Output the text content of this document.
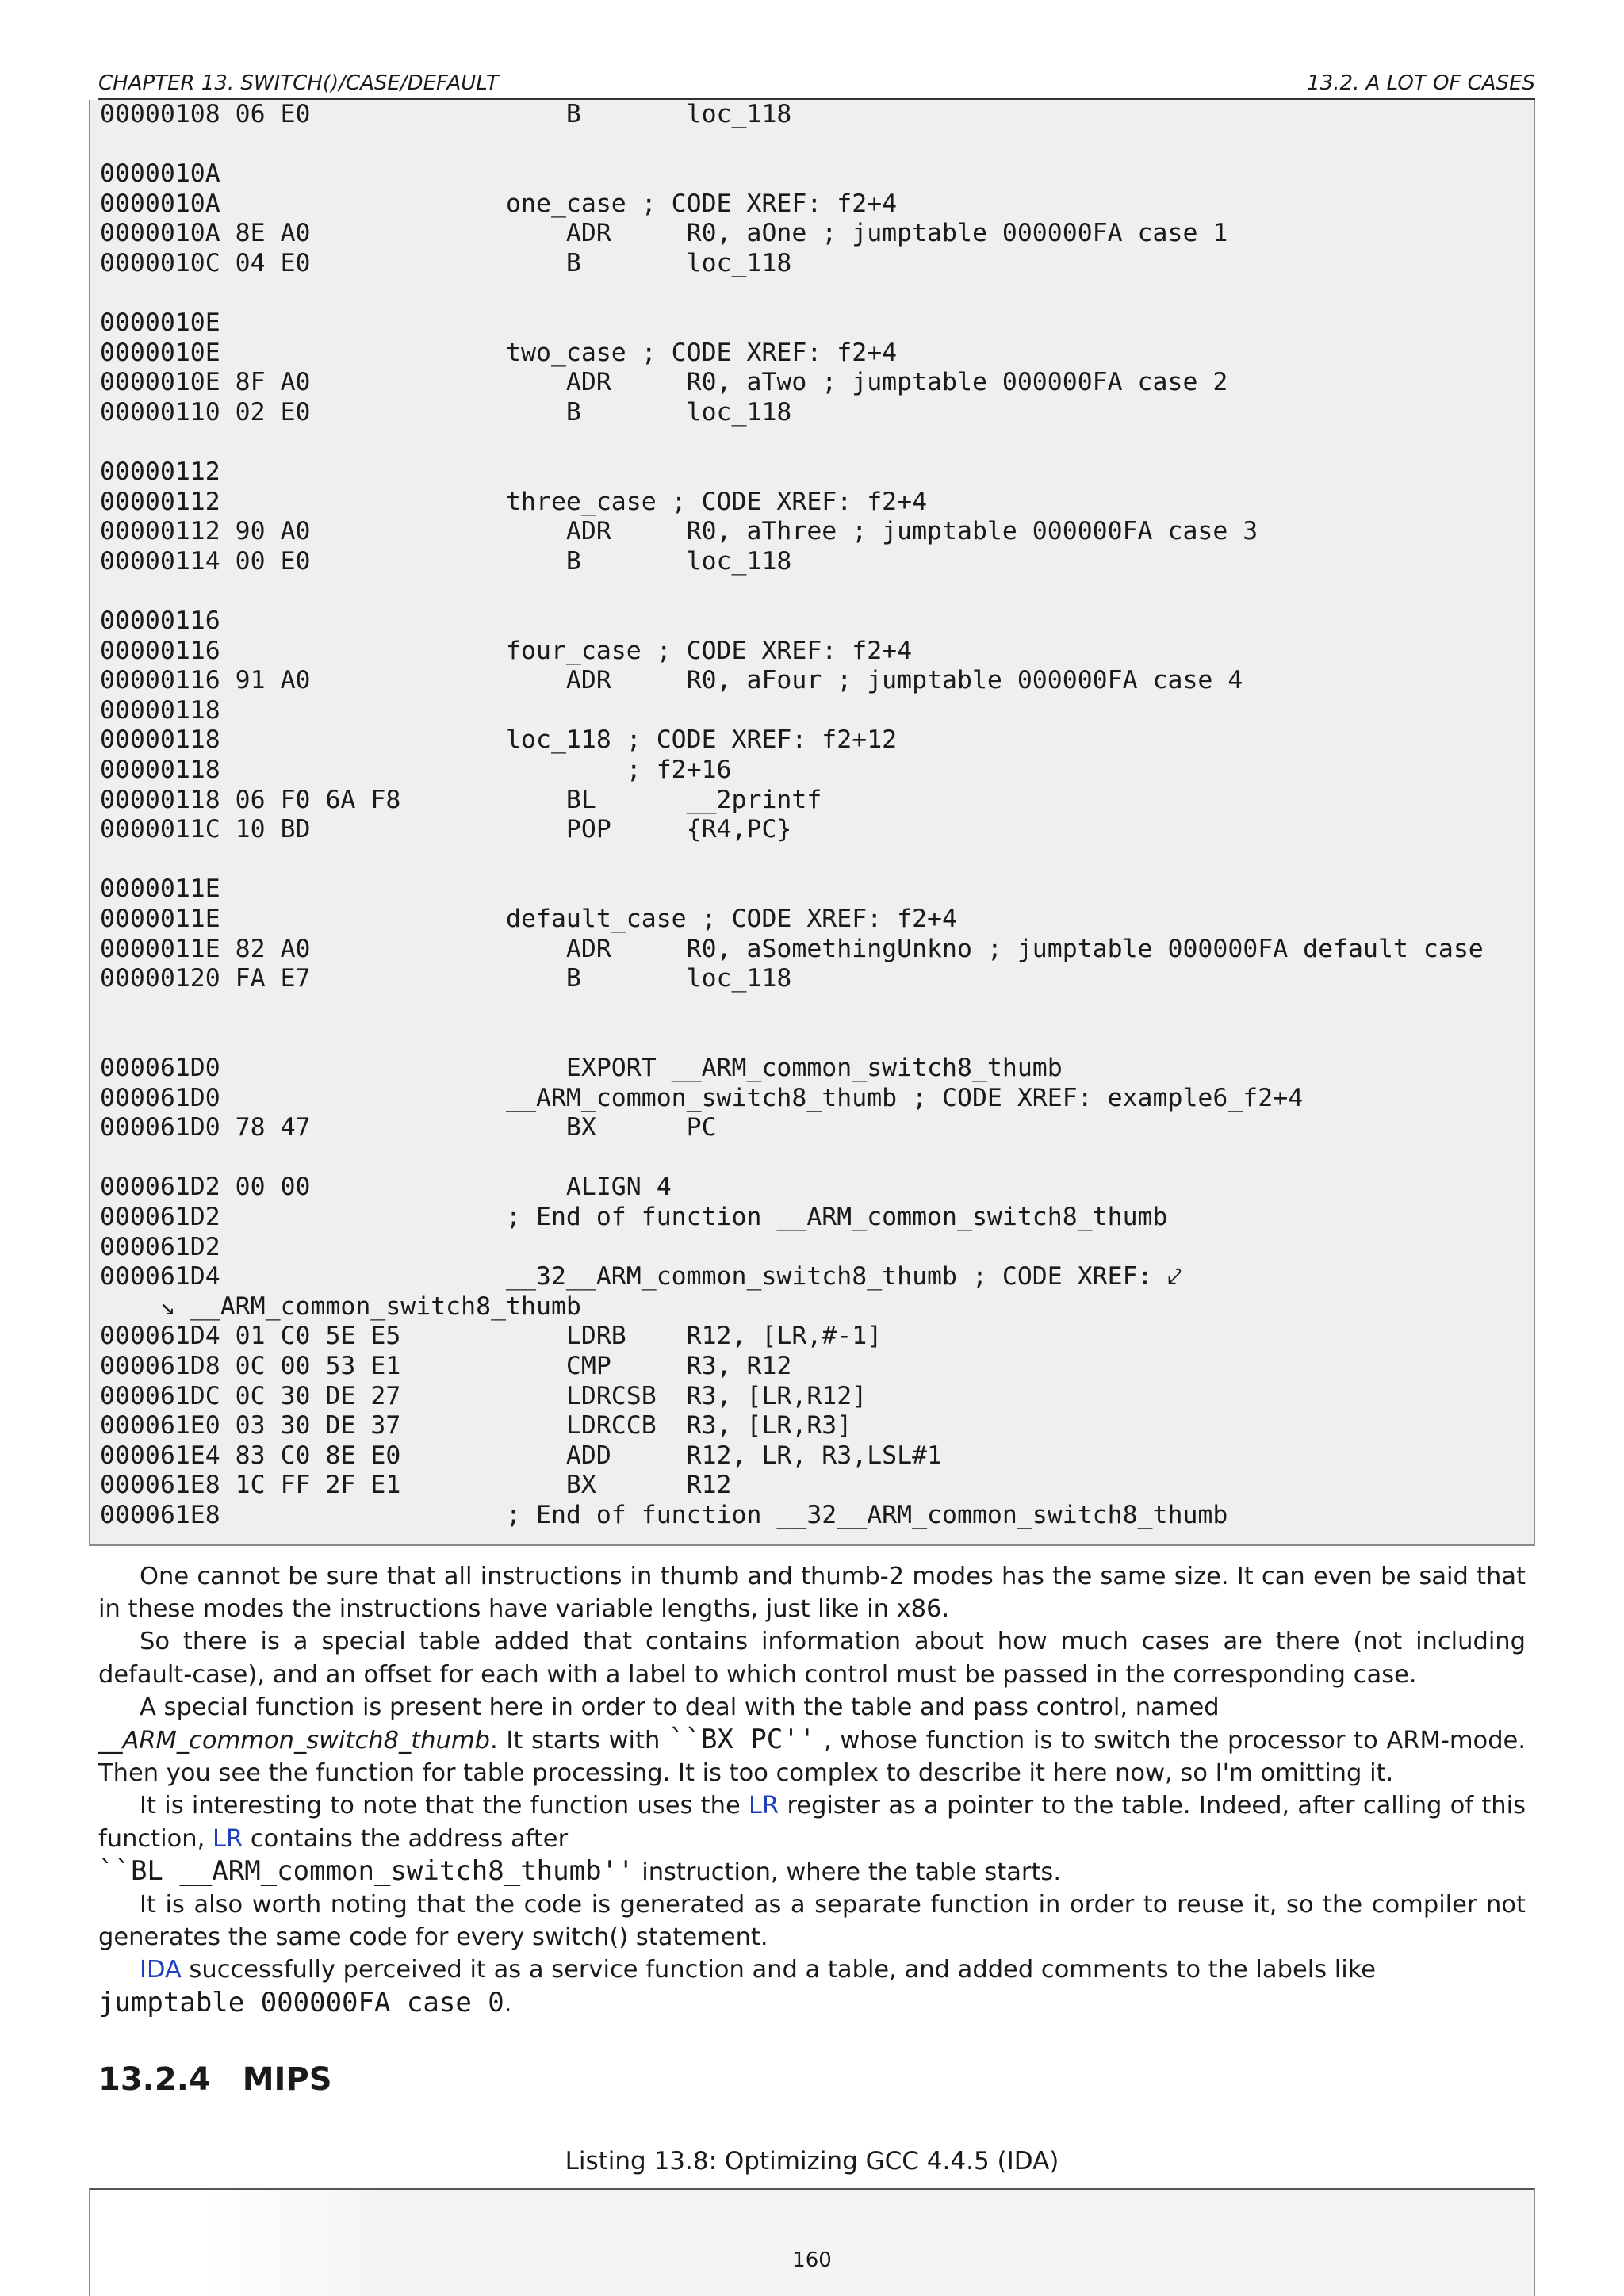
CHAPTER 13. SWITCH()/CASE/DEFAULT	13.2. A LOT OF CASES
00000108 06 E0                 B       loc_118
0000010A
0000010A                   one_case ; CODE XREF: f2+4
0000010A 8E A0                 ADR     R0, aOne ; jumptable 000000FA case 1
0000010C 04 E0                 B       loc_118
0000010E
0000010E                   two_case ; CODE XREF: f2+4
0000010E 8F A0                 ADR     R0, aTwo ; jumptable 000000FA case 2
00000110 02 E0                 B       loc_118
00000112
00000112                   three_case ; CODE XREF: f2+4
00000112 90 A0                 ADR     R0, aThree ; jumptable 000000FA case 3
00000114 00 E0                 B       loc_118
00000116
00000116                   four_case ; CODE XREF: f2+4
00000116 91 A0                 ADR     R0, aFour ; jumptable 000000FA case 4
00000118
00000118                   loc_118 ; CODE XREF: f2+12
00000118                           ; f2+16
00000118 06 F0 6A F8           BL      __2printf
0000011C 10 BD                 POP     {R4,PC}
0000011E
0000011E                   default_case ; CODE XREF: f2+4
0000011E 82 A0                 ADR     R0, aSomethingUnkno ; jumptable 000000FA default case
00000120 FA E7                 B       loc_118
000061D0                       EXPORT __ARM_common_switch8_thumb
000061D0                   __ARM_common_switch8_thumb ; CODE XREF: example6_f2+4
000061D0 78 47                 BX      PC
000061D2 00 00                 ALIGN 4
000061D2                   ; End of function __ARM_common_switch8_thumb
000061D2
000061D4                   __32__ARM_common_switch8_thumb ; CODE XREF: ⤦
↘ __ARM_common_switch8_thumb
000061D4 01 C0 5E E5           LDRB    R12, [LR,#-1]
000061D8 0C 00 53 E1           CMP     R3, R12
000061DC 0C 30 DE 27           LDRCSB  R3, [LR,R12]
000061E0 03 30 DE 37           LDRCCB  R3, [LR,R3]
000061E4 83 C0 8E E0           ADD     R12, LR, R3,LSL#1
000061E8 1C FF 2F E1           BX      R12
000061E8                   ; End of function __32__ARM_common_switch8_thumb

One cannot be sure that all instructions in thumb and thumb-2 modes has the same size. It can even be said that in these modes the instructions have variable lengths, just like in x86.

So there is a special table added that contains information about how much cases are there (not including default-case), and an offset for each with a label to which control must be passed in the corresponding case.

A special function is present here in order to deal with the table and pass control, named
__ARM_common_switch8_thumb. It starts with ``BX PC'' , whose function is to switch the processor to ARM-mode. Then you see the function for table processing. It is too complex to describe it here now, so I'm omitting it.

It is interesting to note that the function uses the LR register as a pointer to the table. Indeed, after calling of this function, LR contains the address after
``BL __ARM_common_switch8_thumb'' instruction, where the table starts.

It is also worth noting that the code is generated as a separate function in order to reuse it, so the compiler not generates the same code for every switch() statement.

IDA successfully perceived it as a service function and a table, and added comments to the labels like
jumptable 000000FA case 0.

13.2.4 MIPS
Listing 13.8: Optimizing GCC 4.4.5 (IDA)
160
